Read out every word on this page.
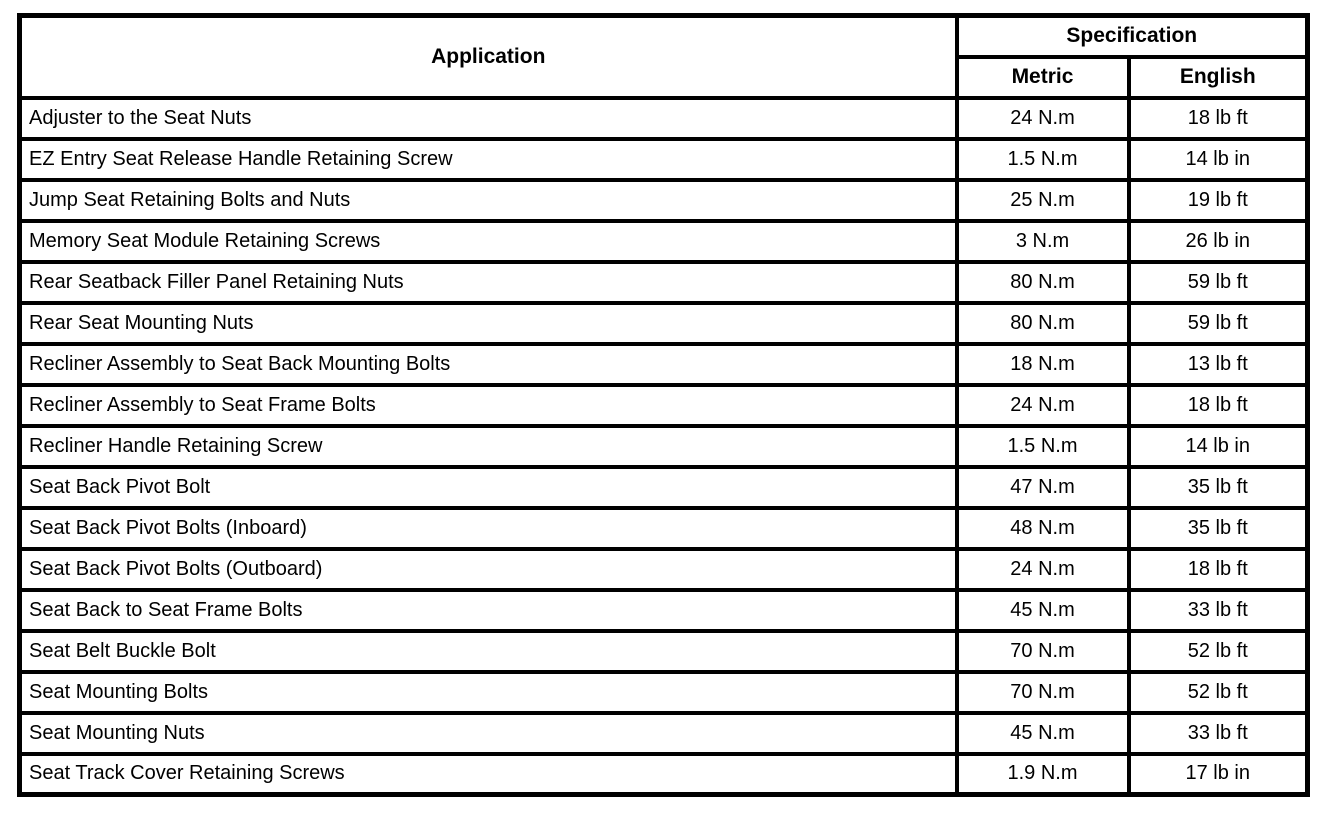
Application	Specification	
	Metric	English
Adjuster to the Seat Nuts	24 N.m	18 lb ft
EZ Entry Seat Release Handle Retaining Screw	1.5 N.m	14 lb in
Jump Seat Retaining Bolts and Nuts	25 N.m	19 lb ft
Memory Seat Module Retaining Screws	3 N.m	26 lb in
Rear Seatback Filler Panel Retaining Nuts	80 N.m	59 lb ft
Rear Seat Mounting Nuts	80 N.m	59 lb ft
Recliner Assembly to Seat Back Mounting Bolts	18 N.m	13 lb ft
Recliner Assembly to Seat Frame Bolts	24 N.m	18 lb ft
Recliner Handle Retaining Screw	1.5 N.m	14 lb in
Seat Back Pivot Bolt	47 N.m	35 lb ft
Seat Back Pivot Bolts (Inboard)	48 N.m	35 lb ft
Seat Back Pivot Bolts (Outboard)	24 N.m	18 lb ft
Seat Back to Seat Frame Bolts	45 N.m	33 lb ft
Seat Belt Buckle Bolt	70 N.m	52 lb ft
Seat Mounting Bolts	70 N.m	52 lb ft
Seat Mounting Nuts	45 N.m	33 lb ft
Seat Track Cover Retaining Screws	1.9 N.m	17 lb in
